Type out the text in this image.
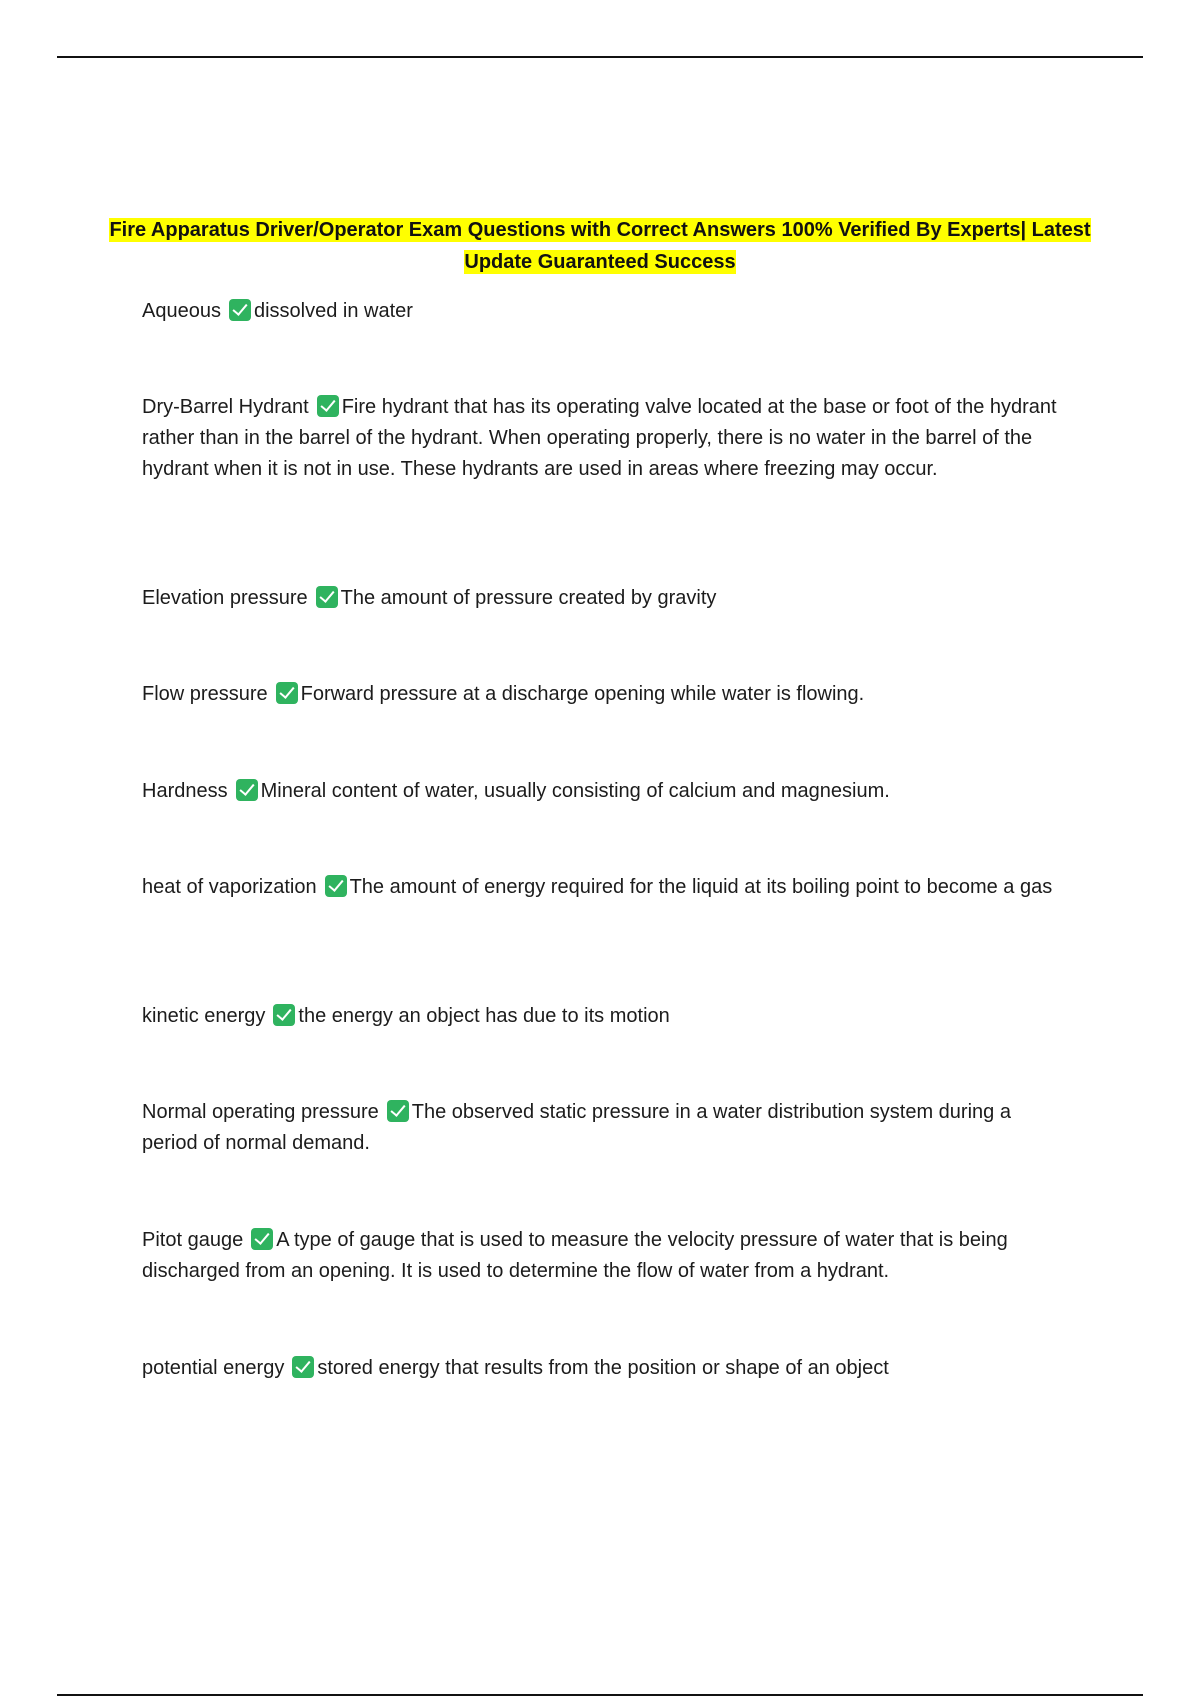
Fire Apparatus Driver/Operator Exam Questions with Correct Answers 100% Verified By Experts| Latest Update Guaranteed Success
Aqueous dissolved in water
Dry-Barrel Hydrant Fire hydrant that has its operating valve located at the base or foot of the hydrant rather than in the barrel of the hydrant. When operating properly, there is no water in the barrel of the hydrant when it is not in use. These hydrants are used in areas where freezing may occur.
Elevation pressure The amount of pressure created by gravity
Flow pressure Forward pressure at a discharge opening while water is flowing.
Hardness Mineral content of water, usually consisting of calcium and magnesium.
heat of vaporization The amount of energy required for the liquid at its boiling point to become a gas
kinetic energy the energy an object has due to its motion
Normal operating pressure The observed static pressure in a water distribution system during a period of normal demand.
Pitot gauge A type of gauge that is used to measure the velocity pressure of water that is being discharged from an opening. It is used to determine the flow of water from a hydrant.
potential energy stored energy that results from the position or shape of an object
